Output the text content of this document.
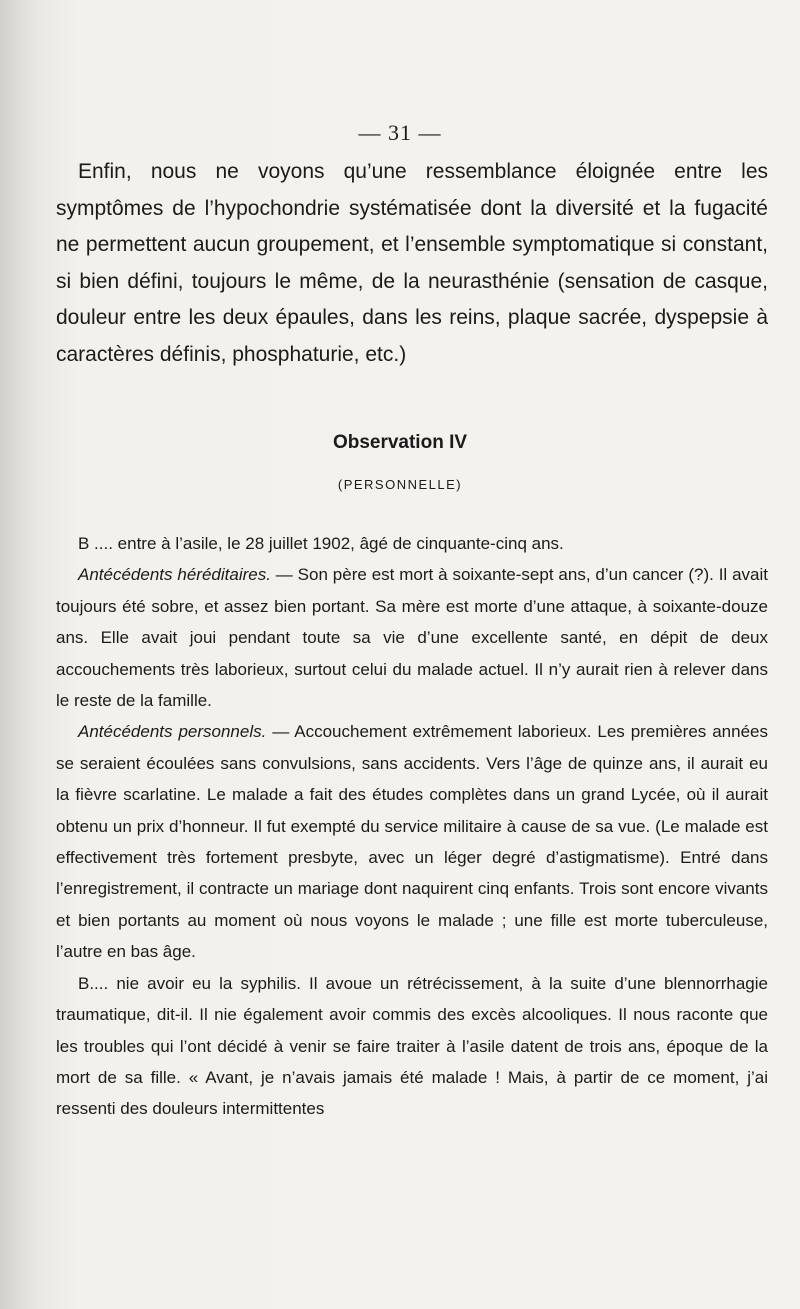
— 31 —

Enfin, nous ne voyons qu’une ressemblance éloignée entre les symptômes de l’hypochondrie systématisée dont la diversité et la fugacité ne permettent aucun groupement, et l’ensemble symptomatique si constant, si bien défini, toujours le même, de la neurasthénie (sensation de casque, douleur entre les deux épaules, dans les reins, plaque sacrée, dyspepsie à caractères définis, phosphaturie, etc.)

Observation IV
(PERSONNELLE)

B .... entre à l’asile, le 28 juillet 1902, âgé de cinquante-cinq ans.

Antécédents héréditaires. — Son père est mort à soixante-sept ans, d’un cancer (?). Il avait toujours été sobre, et assez bien portant. Sa mère est morte d’une attaque, à soixante-douze ans. Elle avait joui pendant toute sa vie d’une excellente santé, en dépit de deux accouchements très laborieux, surtout celui du malade actuel. Il n’y aurait rien à relever dans le reste de la famille.

Antécédents personnels. — Accouchement extrêmement laborieux. Les premières années se seraient écoulées sans convulsions, sans accidents. Vers l’âge de quinze ans, il aurait eu la fièvre scarlatine. Le malade a fait des études complètes dans un grand Lycée, où il aurait obtenu un prix d’honneur. Il fut exempté du service militaire à cause de sa vue. (Le malade est effectivement très fortement presbyte, avec un léger degré d’astigmatisme). Entré dans l’enregistrement, il contracte un mariage dont naquirent cinq enfants. Trois sont encore vivants et bien portants au moment où nous voyons le malade ; une fille est morte tuberculeuse, l’autre en bas âge.

B.... nie avoir eu la syphilis. Il avoue un rétrécissement, à la suite d’une blennorrhagie traumatique, dit-il. Il nie également avoir commis des excès alcooliques. Il nous raconte que les troubles qui l’ont décidé à venir se faire traiter à l’asile datent de trois ans, époque de la mort de sa fille. « Avant, je n’avais jamais été malade ! Mais, à partir de ce moment, j’ai ressenti des douleurs intermittentes
